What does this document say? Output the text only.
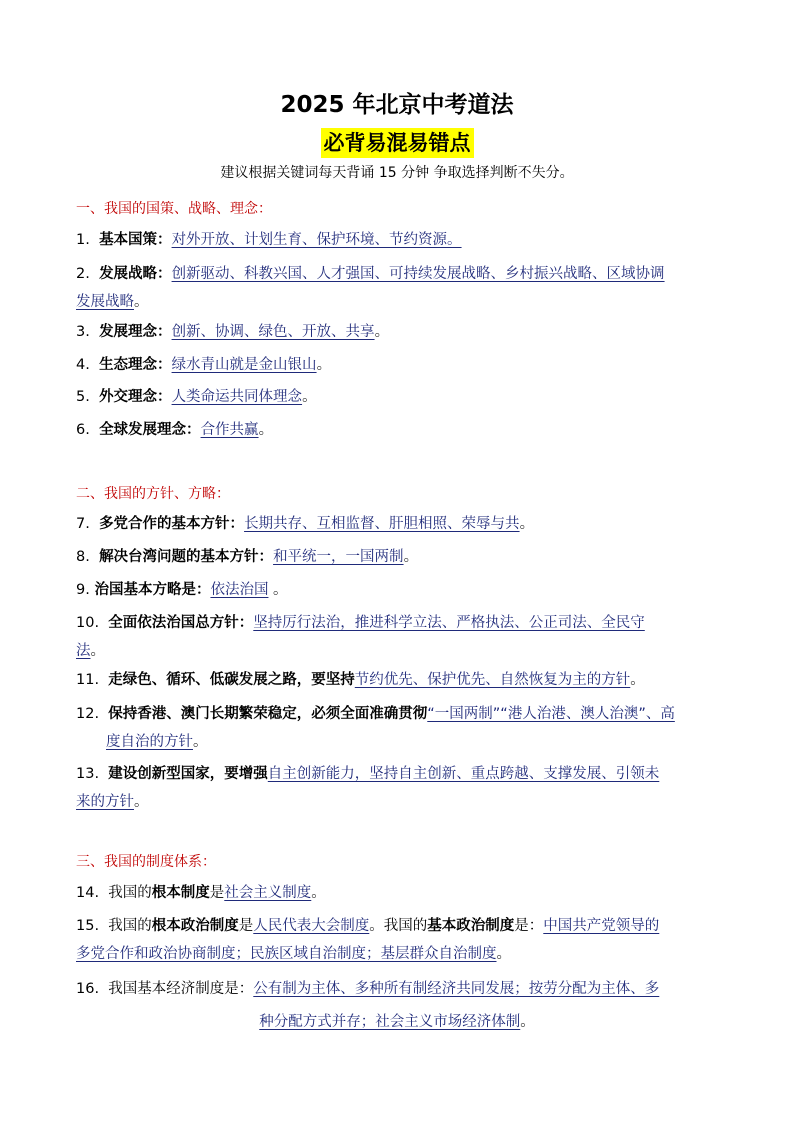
2025 年北京中考道法
必背易混易错点
建议根据关键词每天背诵 15 分钟 争取选择判断不失分。
一、我国的国策、战略、理念：
1. 基本国策：对外开放、计划生育、保护环境、节约资源。
2. 发展战略：创新驱动、科教兴国、人才强国、可持续发展战略、乡村振兴战略、区域协调
发展战略。
3. 发展理念：创新、协调、绿色、开放、共享。
4. 生态理念：绿水青山就是金山银山。
5. 外交理念：人类命运共同体理念。
6. 全球发展理念：合作共赢。
二、我国的方针、方略：
7. 多党合作的基本方针：长期共存、互相监督、肝胆相照、荣辱与共。
8. 解决台湾问题的基本方针：和平统一，一国两制。
9. 治国基本方略是：依法治国 。
10. 全面依法治国总方针：坚持厉行法治，推进科学立法、严格执法、公正司法、全民守
法。
11. 走绿色、循环、低碳发展之路，要坚持节约优先、保护优先、自然恢复为主的方针。
12. 保持香港、澳门长期繁荣稳定，必须全面准确贯彻“一国两制”“港人治港、澳人治澳”、高
度自治的方针。
13. 建设创新型国家，要增强自主创新能力，坚持自主创新、重点跨越、支撑发展、引领未
来的方针。
三、我国的制度体系：
14. 我国的根本制度是社会主义制度。
15. 我国的根本政治制度是人民代表大会制度。我国的基本政治制度是：中国共产党领导的
多党合作和政治协商制度；民族区域自治制度；基层群众自治制度。
16. 我国基本经济制度是：公有制为主体、多种所有制经济共同发展；按劳分配为主体、多
种分配方式并存；社会主义市场经济体制。
